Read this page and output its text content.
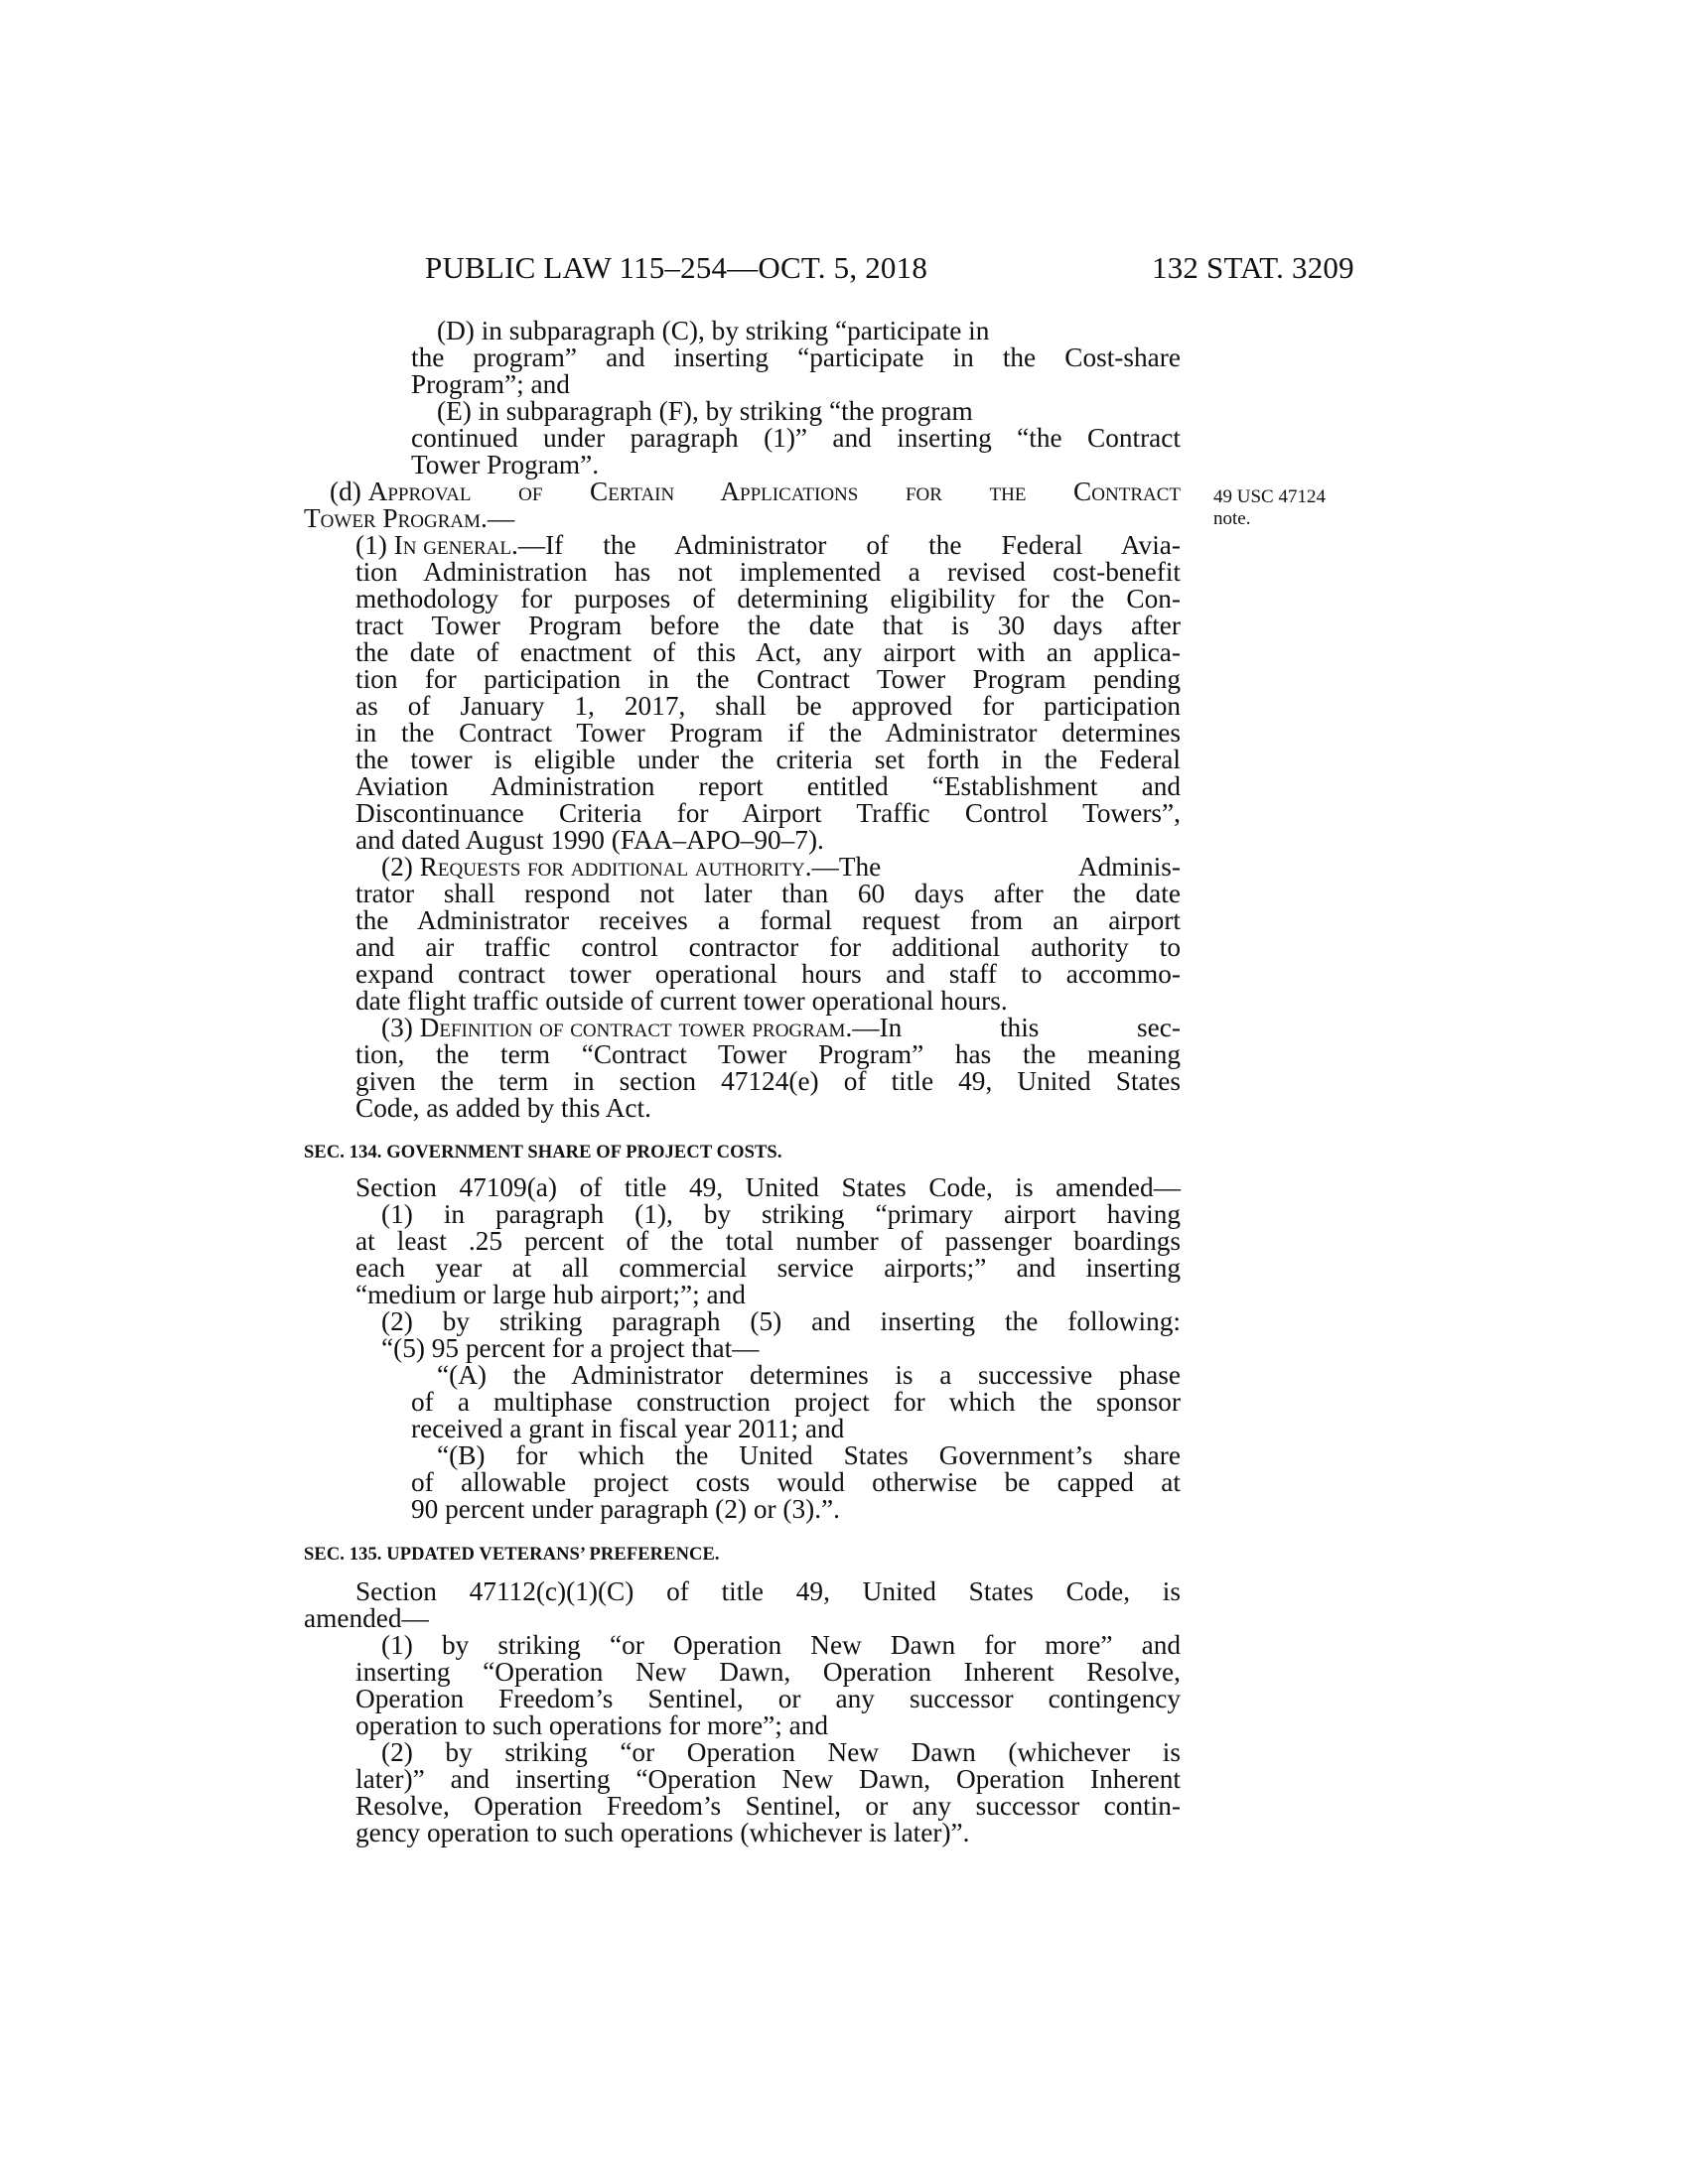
PUBLIC LAW 115–254—OCT. 5, 2018	132 STAT. 3209
49 USC 47124
note.
(D) in subparagraph (C), by striking “participate in
the program” and inserting “participate in the Cost-share
Program”; and
(E) in subparagraph (F), by striking “the program
continued under paragraph (1)” and inserting “the Contract
Tower Program”.
(d) Approval of Certain Applications for the Contract
Tower Program.—
(1) In general .—If the Administrator of the Federal Avia-
tion Administration has not implemented a revised cost-benefit
methodology for purposes of determining eligibility for the Con-
tract Tower Program before the date that is 30 days after
the date of enactment of this Act, any airport with an applica-
tion for participation in the Contract Tower Program pending
as of January 1, 2017, shall be approved for participation
in the Contract Tower Program if the Administrator determines
the tower is eligible under the criteria set forth in the Federal
Aviation Administration report entitled “Establishment and
Discontinuance Criteria for Airport Traffic Control Towers”,
and dated August 1990 (FAA–APO–90–7).
(2) Requests for additional authority .—The Adminis-
trator shall respond not later than 60 days after the date
the Administrator receives a formal request from an airport
and air traffic control contractor for additional authority to
expand contract tower operational hours and staff to accommo-
date flight traffic outside of current tower operational hours.
(3) Definition of contract tower program .—In this sec-
tion, the term “Contract Tower Program” has the meaning
given the term in section 47124(e) of title 49, United States
Code, as added by this Act.
SEC. 134. GOVERNMENT SHARE OF PROJECT COSTS.
Section 47109(a) of title 49, United States Code, is amended—
(1) in paragraph (1), by striking “primary airport having
at least .25 percent of the total number of passenger boardings
each year at all commercial service airports;” and inserting
“medium or large hub airport;”; and
(2) by striking paragraph (5) and inserting the following:
“(5) 95 percent for a project that—
“(A) the Administrator determines is a successive phase
of a multiphase construction project for which the sponsor
received a grant in fiscal year 2011; and
“(B) for which the United States Government’s share
of allowable project costs would otherwise be capped at
90 percent under paragraph (2) or (3).”.
SEC. 135. UPDATED VETERANS’ PREFERENCE.
Section 47112(c)(1)(C) of title 49, United States Code, is
amended—
(1) by striking “or Operation New Dawn for more” and
inserting “Operation New Dawn, Operation Inherent Resolve,
Operation Freedom’s Sentinel, or any successor contingency
operation to such operations for more”; and
(2) by striking “or Operation New Dawn (whichever is
later)” and inserting “Operation New Dawn, Operation Inherent
Resolve, Operation Freedom’s Sentinel, or any successor contin-
gency operation to such operations (whichever is later)”.
